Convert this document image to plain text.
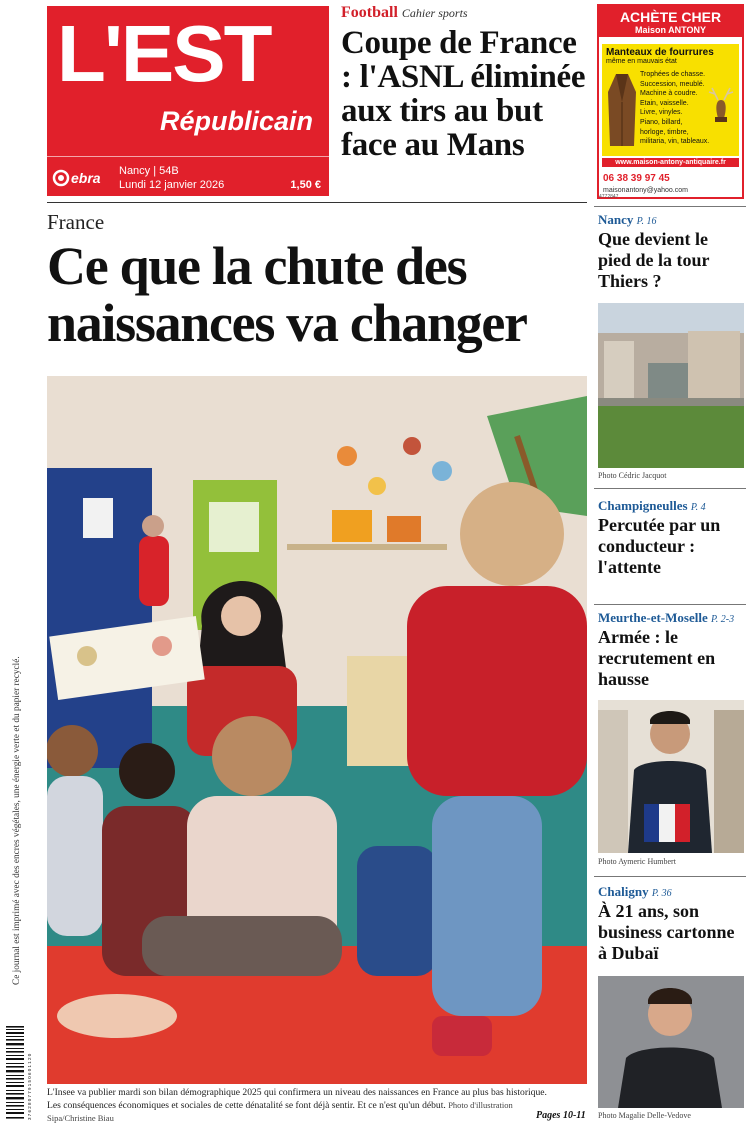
L'EST
Républicain
ebra Nancy | 54B
Lundi 12 janvier 2026	1,50 €
Football Cahier sports
Coupe de France : l'ASNL éliminée aux tirs au but face au Mans
ACHÈTE CHER
Maison ANTONY
Manteaux de fourrures
même en mauvais état
Trophées de chasse.
Succession, meublé.
Machine à coudre.
Etain, vaisselle.
Livre, vinyles.
Piano, billard,
horloge, timbre,
militaria, vin, tableaux.
www.maison-antony-antiquaire.fr
06 38 39 97 45 maisonantony@yahoo.com
4772847
France
Ce que la chute des naissances va changer
L'Insee va publier mardi son bilan démographique 2025 qui confirmera un niveau des naissances en France au plus bas historique. Les conséquences économiques et sociales de cette dénatalité se font déjà sentir. Et ce n'est qu'un début. Photo d'illustration Sipa/Christine Biau	Pages 10-11
Ce journal est imprimé avec des encres végétales, une énergie verte et du papier recyclé.
3 7 6 2 8 0 7 7 9 1 5 0 6 0 1 1 2 0
Nancy P. 16
Que devient le pied de la tour Thiers ?
Photo Cédric Jacquot
Champigneulles P. 4
Percutée par un conducteur : l'attente
Meurthe-et-Moselle P. 2-3
Armée : le recrutement en hausse
Photo Aymeric Humbert
Chaligny P. 36
À 21 ans, son business cartonne à Dubaï
Photo Magalie Delle-Vedove
